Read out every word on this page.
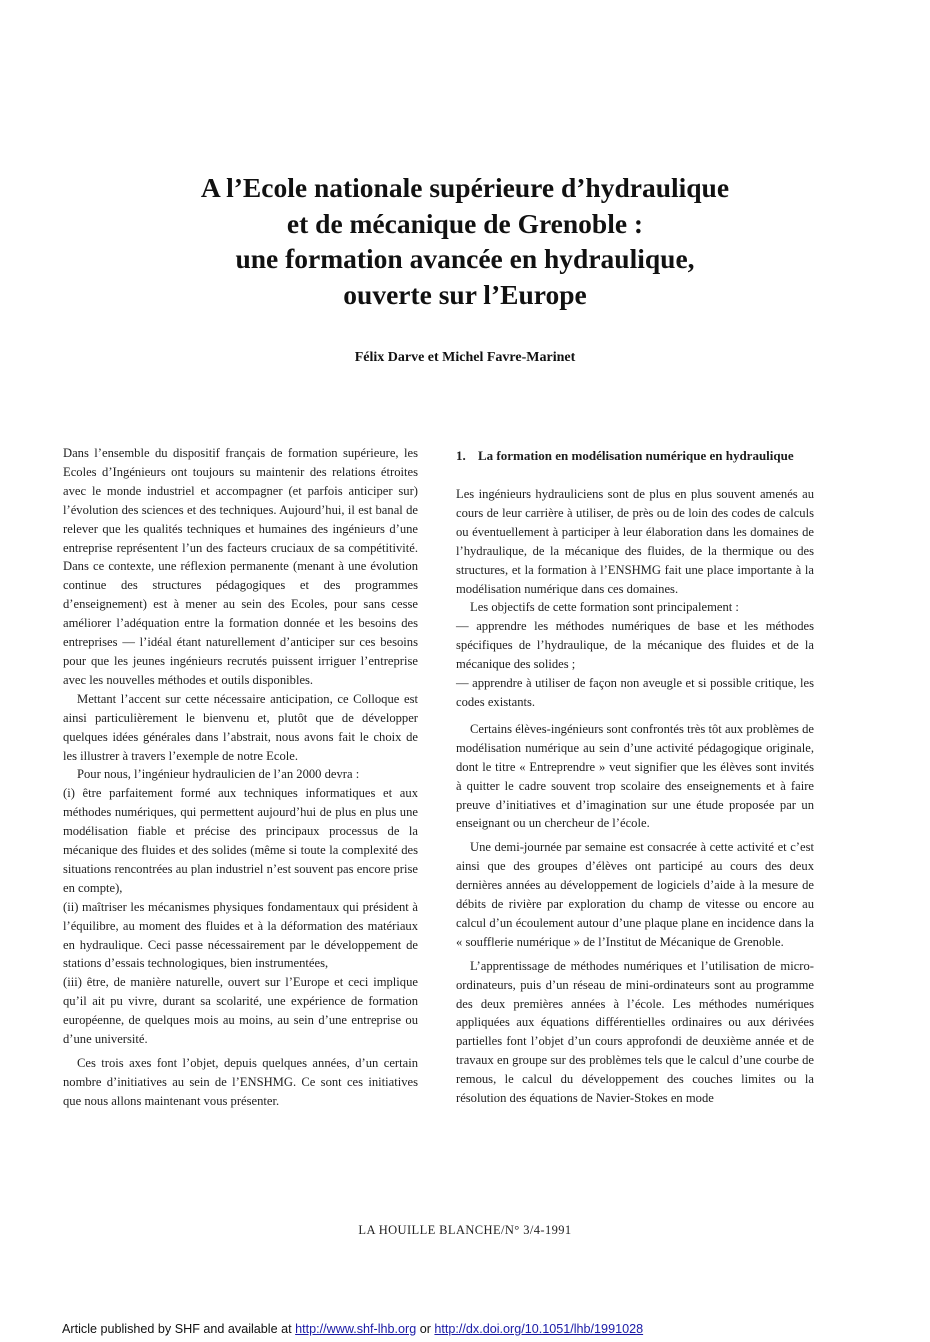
A l’Ecole nationale supérieure d’hydraulique
et de mécanique de Grenoble :
une formation avancée en hydraulique,
ouverte sur l’Europe
Félix Darve et Michel Favre-Marinet

Dans l’ensemble du dispositif français de formation supérieure, les Ecoles d’Ingénieurs ont toujours su maintenir des relations étroites avec le monde industriel et accompagner (et parfois anticiper sur) l’évolution des sciences et des techniques. Aujourd’hui, il est banal de relever que les qualités techniques et humaines des ingénieurs d’une entreprise représentent l’un des facteurs cruciaux de sa compétitivité. Dans ce contexte, une réflexion permanente (menant à une évolution continue des structures pédagogiques et des programmes d’enseignement) est à mener au sein des Ecoles, pour sans cesse améliorer l’adéquation entre la formation donnée et les besoins des entreprises — l’idéal étant naturellement d’anticiper sur ces besoins pour que les jeunes ingénieurs recrutés puissent irriguer l’entreprise avec les nouvelles méthodes et outils disponibles.

Mettant l’accent sur cette nécessaire anticipation, ce Colloque est ainsi particulièrement le bienvenu et, plutôt que de développer quelques idées générales dans l’abstrait, nous avons fait le choix de les illustrer à travers l’exemple de notre Ecole.

Pour nous, l’ingénieur hydraulicien de l’an 2000 devra :

(i) être parfaitement formé aux techniques informatiques et aux méthodes numériques, qui permettent aujourd’hui de plus en plus une modélisation fiable et précise des principaux processus de la mécanique des fluides et des solides (même si toute la complexité des situations rencontrées au plan industriel n’est souvent pas encore prise en compte),

(ii) maîtriser les mécanismes physiques fondamentaux qui président à l’équilibre, au moment des fluides et à la déformation des matériaux en hydraulique. Ceci passe nécessairement par le développement de stations d’essais technologiques, bien instrumentées,

(iii) être, de manière naturelle, ouvert sur l’Europe et ceci implique qu’il ait pu vivre, durant sa scolarité, une expérience de formation européenne, de quelques mois au moins, au sein d’une entreprise ou d’une université.

Ces trois axes font l’objet, depuis quelques années, d’un certain nombre d’initiatives au sein de l’ENSHMG. Ce sont ces initiatives que nous allons maintenant vous présenter.

1. La formation en modélisation numérique en hydraulique

Les ingénieurs hydrauliciens sont de plus en plus souvent amenés au cours de leur carrière à utiliser, de près ou de loin des codes de calculs ou éventuellement à participer à leur élaboration dans les domaines de l’hydraulique, de la mécanique des fluides, de la thermique ou des structures, et la formation à l’ENSHMG fait une place importante à la modélisation numérique dans ces domaines.

Les objectifs de cette formation sont principalement :

— apprendre les méthodes numériques de base et les méthodes spécifiques de l’hydraulique, de la mécanique des fluides et de la mécanique des solides ;

— apprendre à utiliser de façon non aveugle et si possible critique, les codes existants.

Certains élèves-ingénieurs sont confrontés très tôt aux problèmes de modélisation numérique au sein d’une activité pédagogique originale, dont le titre « Entreprendre » veut signifier que les élèves sont invités à quitter le cadre souvent trop scolaire des enseignements et à faire preuve d’initiatives et d’imagination sur une étude proposée par un enseignant ou un chercheur de l’école.

Une demi-journée par semaine est consacrée à cette activité et c’est ainsi que des groupes d’élèves ont participé au cours des deux dernières années au développement de logiciels d’aide à la mesure de débits de rivière par exploration du champ de vitesse ou encore au calcul d’un écoulement autour d’une plaque plane en incidence dans la « soufflerie numérique » de l’Institut de Mécanique de Grenoble.

L’apprentissage de méthodes numériques et l’utilisation de micro-ordinateurs, puis d’un réseau de mini-ordinateurs sont au programme des deux premières années à l’école. Les méthodes numériques appliquées aux équations différentielles ordinaires ou aux dérivées partielles font l’objet d’un cours approfondi de deuxième année et de travaux en groupe sur des problèmes tels que le calcul d’une courbe de remous, le calcul du développement des couches limites ou la résolution des équations de Navier-Stokes en mode

LA HOUILLE BLANCHE/N° 3/4-1991
Article published by SHF and available at http://www.shf-lhb.org or http://dx.doi.org/10.1051/lhb/1991028
